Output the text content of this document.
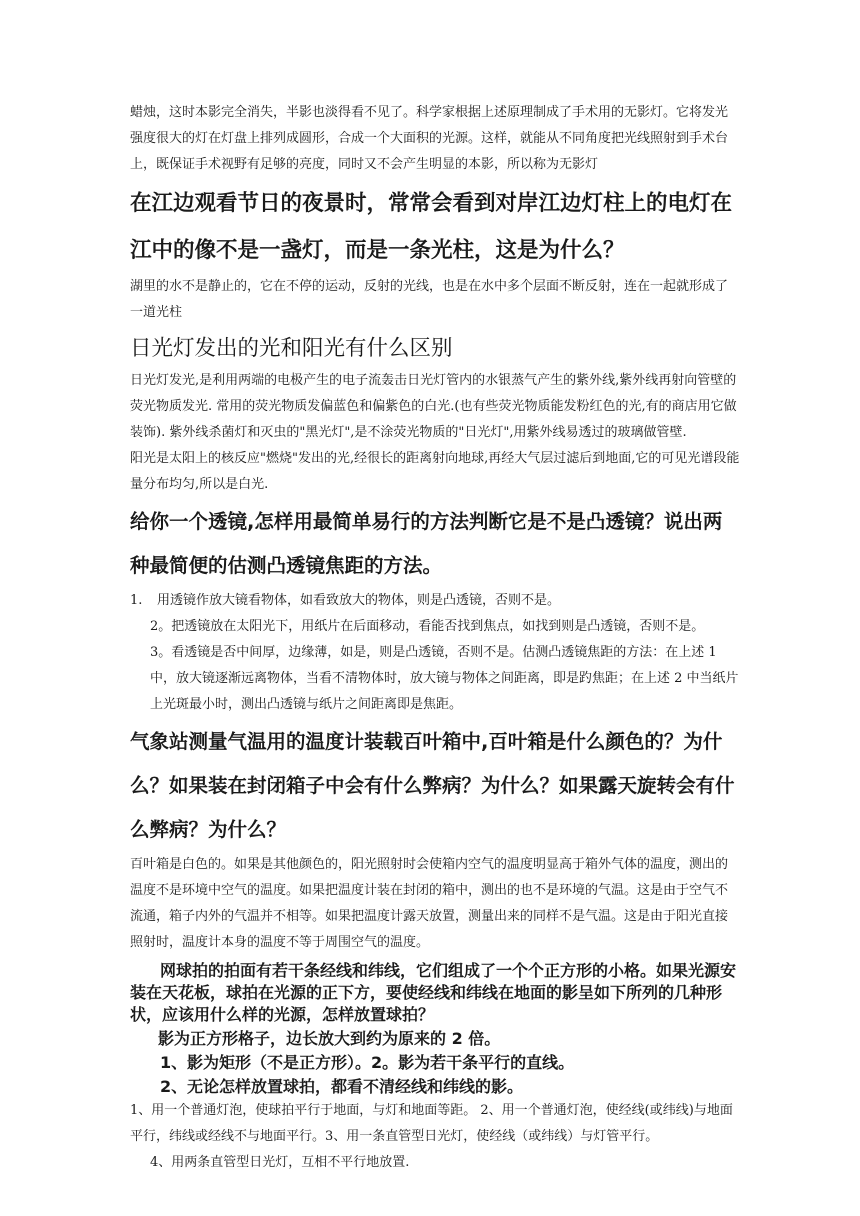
蜡烛，这时本影完全消失，半影也淡得看不见了。科学家根据上述原理制成了手术用的无影灯。它将发光强度很大的灯在灯盘上排列成圆形，合成一个大面积的光源。这样，就能从不同角度把光线照射到手术台上，既保证手术视野有足够的亮度，同时又不会产生明显的本影，所以称为无影灯

在江边观看节日的夜景时，常常会看到对岸江边灯柱上的电灯在江中的像不是一盏灯，而是一条光柱，这是为什么？

湖里的水不是静止的，它在不停的运动，反射的光线，也是在水中多个层面不断反射，连在一起就形成了一道光柱

日光灯发出的光和阳光有什么区别

日光灯发光,是利用两端的电极产生的电子流轰击日光灯管内的水银蒸气产生的紫外线,紫外线再射向管壁的荧光物质发光. 常用的荧光物质发偏蓝色和偏紫色的白光.(也有些荧光物质能发粉红色的光,有的商店用它做装饰). 紫外线杀菌灯和灭虫的"黑光灯",是不涂荧光物质的"日光灯",用紫外线易透过的玻璃做管壁.

阳光是太阳上的核反应"燃烧"发出的光,经很长的距离射向地球,再经大气层过滤后到地面,它的可见光谱段能量分布均匀,所以是白光.

给你一个透镜,怎样用最简单易行的方法判断它是不是凸透镜？说出两种最简便的估测凸透镜焦距的方法。

1. 用透镜作放大镜看物体，如看致放大的物体，则是凸透镜，否则不是。

2。把透镜放在太阳光下，用纸片在后面移动，看能否找到焦点，如找到则是凸透镜，否则不是。

3。看透镜是否中间厚，边缘薄，如是，则是凸透镜，否则不是。估测凸透镜焦距的方法：在上述 1 中，放大镜逐渐远离物体，当看不清物体时，放大镜与物体之间距离，即是趵焦距；在上述 2 中当纸片上光斑最小时，测出凸透镜与纸片之间距离即是焦距。

气象站测量气温用的温度计装载百叶箱中,百叶箱是什么颜色的？为什么？如果装在封闭箱子中会有什么弊病？为什么？如果露天旋转会有什么弊病？为什么？

百叶箱是白色的。如果是其他颜色的，阳光照射时会使箱内空气的温度明显高于箱外气体的温度，测出的温度不是环境中空气的温度。如果把温度计装在封闭的箱中，测出的也不是环境的气温。这是由于空气不流通，箱子内外的气温并不相等。如果把温度计露天放置，测量出来的同样不是气温。这是由于阳光直接照射时，温度计本身的温度不等于周围空气的温度。

网球拍的拍面有若干条经线和纬线，它们组成了一个个正方形的小格。如果光源安装在天花板，球拍在光源的正下方，要使经线和纬线在地面的影呈如下所列的几种形状，应该用什么样的光源，怎样放置球拍？

影为正方形格子，边长放大到约为原来的 2 倍。

1、影为矩形（不是正方形）。2。影为若干条平行的直线。

2、无论怎样放置球拍，都看不清经线和纬线的影。

1、用一个普通灯泡，使球拍平行于地面，与灯和地面等距。 2、用一个普通灯泡，使经线(或纬线)与地面平行，纬线或经线不与地面平行。3、用一条直管型日光灯，使经线（或纬线）与灯管平行。

4、用两条直管型日光灯，互相不平行地放置.
